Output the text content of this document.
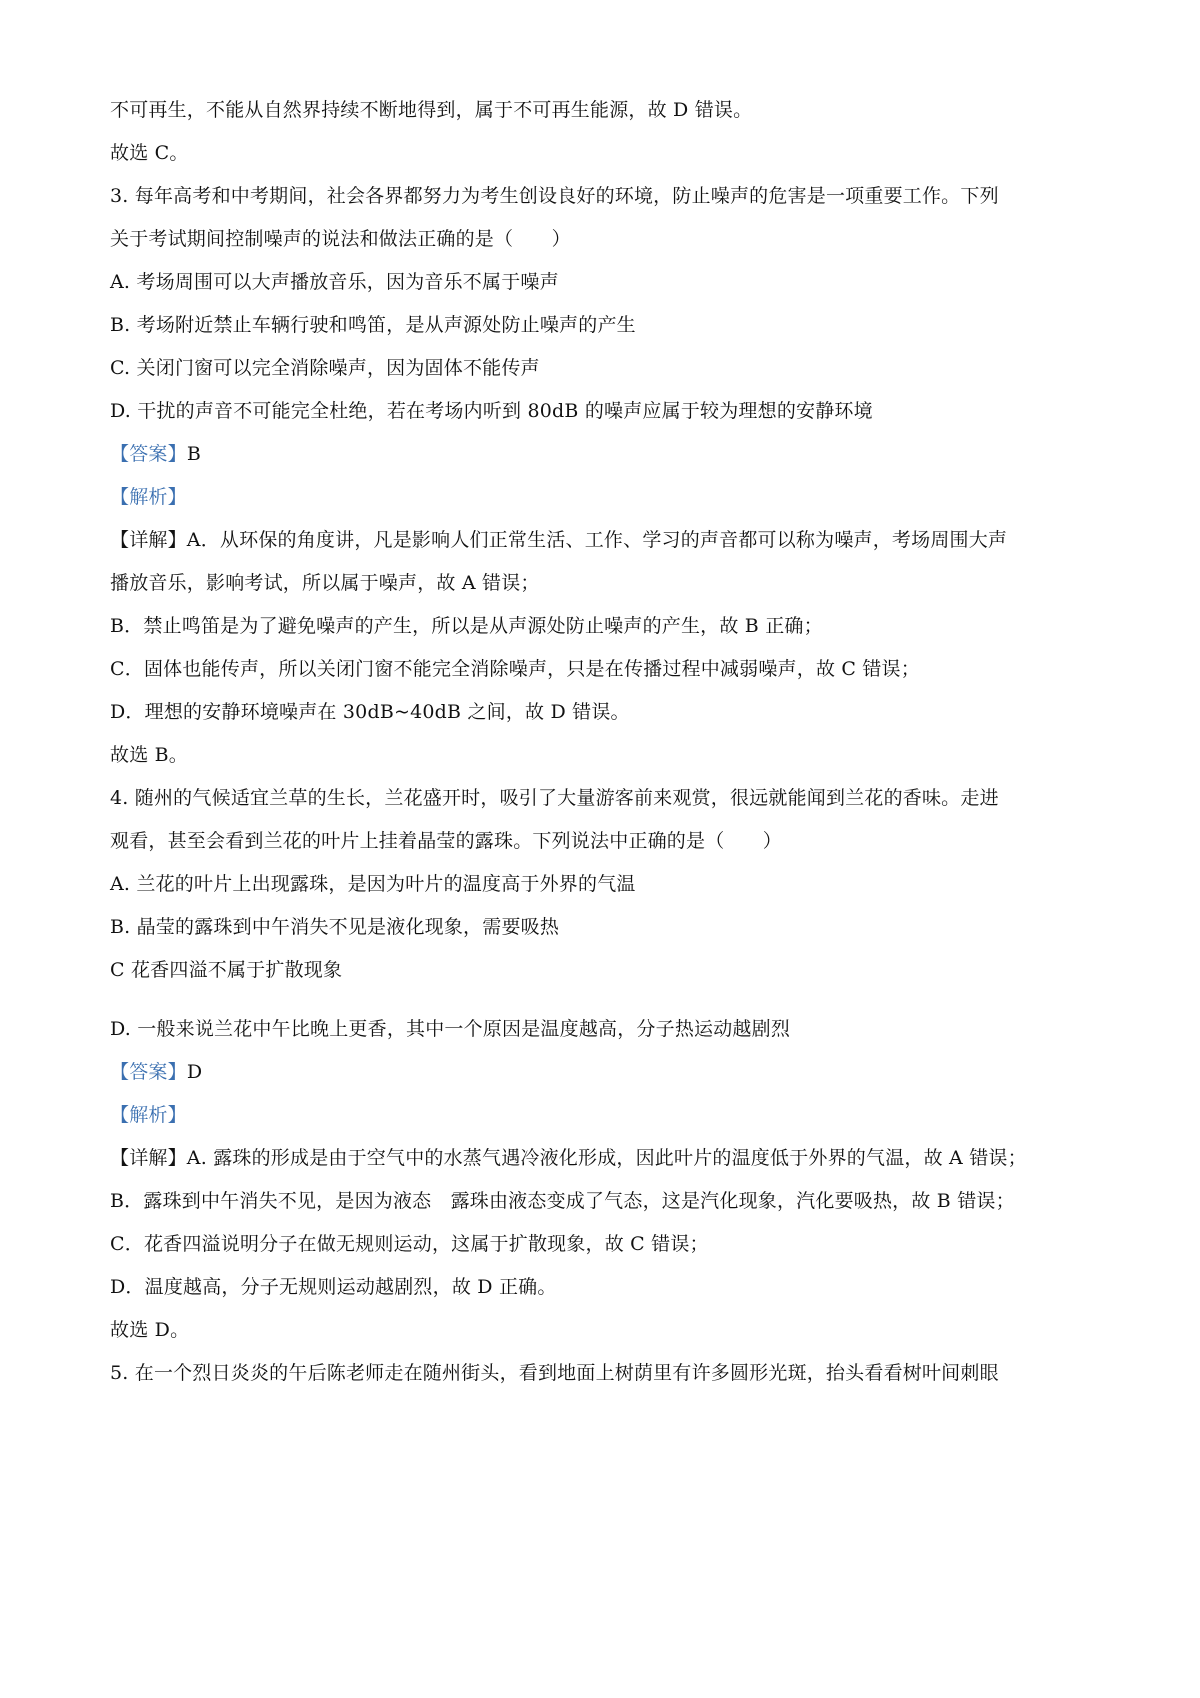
不可再生，不能从自然界持续不断地得到，属于不可再生能源，故 D 错误。
故选 C。
3. 每年高考和中考期间，社会各界都努力为考生创设良好的环境，防止噪声的危害是一项重要工作。下列
关于考试期间控制噪声的说法和做法正确的是（　　）
A. 考场周围可以大声播放音乐，因为音乐不属于噪声
B. 考场附近禁止车辆行驶和鸣笛，是从声源处防止噪声的产生
C. 关闭门窗可以完全消除噪声，因为固体不能传声
D. 干扰的声音不可能完全杜绝，若在考场内听到 80dB 的噪声应属于较为理想的安静环境
【答案】B
【解析】
【详解】A．从环保的角度讲，凡是影响人们正常生活、工作、学习的声音都可以称为噪声，考场周围大声
播放音乐，影响考试，所以属于噪声，故 A 错误；
B．禁止鸣笛是为了避免噪声的产生，所以是从声源处防止噪声的产生，故 B 正确；
C．固体也能传声，所以关闭门窗不能完全消除噪声，只是在传播过程中减弱噪声，故 C 错误；
D．理想的安静环境噪声在 30dB~40dB 之间，故 D 错误。
故选 B。
4. 随州的气候适宜兰草的生长，兰花盛开时，吸引了大量游客前来观赏，很远就能闻到兰花的香味。走进
观看，甚至会看到兰花的叶片上挂着晶莹的露珠。下列说法中正确的是（　　）
A. 兰花的叶片上出现露珠，是因为叶片的温度高于外界的气温
B. 晶莹的露珠到中午消失不见是液化现象，需要吸热
C 花香四溢不属于扩散现象
D. 一般来说兰花中午比晚上更香，其中一个原因是温度越高，分子热运动越剧烈
【答案】D
【解析】
【详解】A. 露珠的形成是由于空气中的水蒸气遇冷液化形成，因此叶片的温度低于外界的气温，故 A 错误；
B．露珠到中午消失不见，是因为液态　露珠由液态变成了气态，这是汽化现象，汽化要吸热，故 B 错误；
C．花香四溢说明分子在做无规则运动，这属于扩散现象，故 C 错误；
D．温度越高，分子无规则运动越剧烈，故 D 正确。
故选 D。
5. 在一个烈日炎炎的午后陈老师走在随州街头，看到地面上树荫里有许多圆形光斑，抬头看看树叶间刺眼
